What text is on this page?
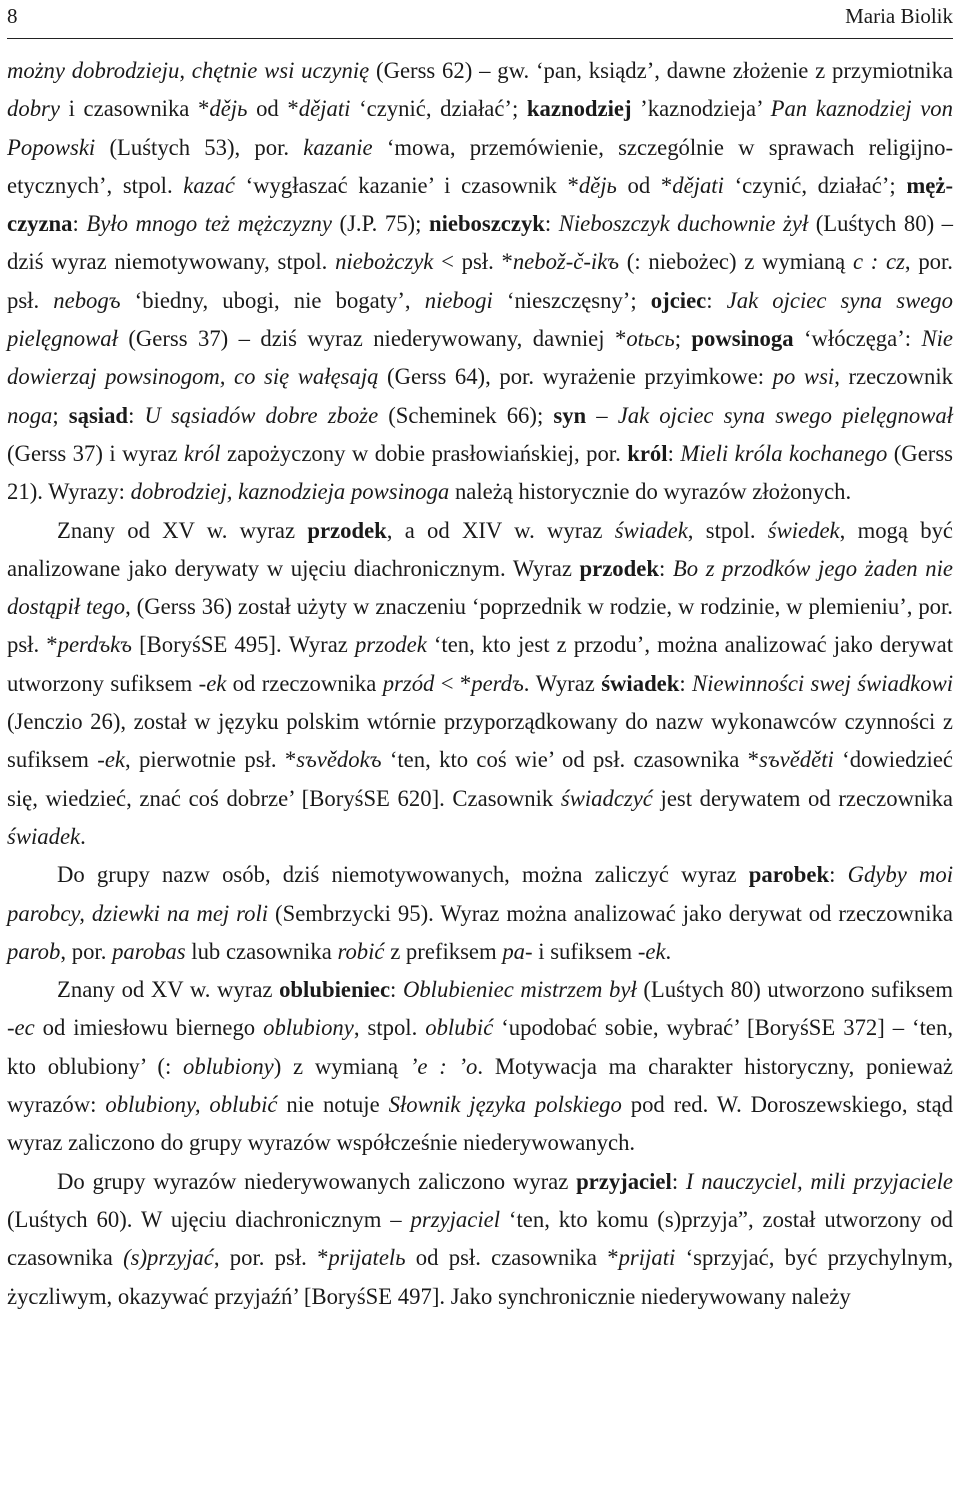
8	Maria Biolik

możny dobrodzieju, chętnie wsi uczynię (Gerss 62) – gw. ‘pan, ksiądz’, dawne złożenie z przymiotnika dobry i czasownika *dějь od *dějati ‘czynić, działać’; kaznodziej ’kaznodzieja’ Pan kaznodziej von Popowski (Luśtych 53), por. kazanie ‘mowa, przemówienie, szczególnie w sprawach religijno-etycznych’, stpol. kazać ‘wygłaszać kazanie’ i czasownik *dějь od *dějati ‘czynić, działać’; mężczyzna: Było mnogo też mężczyzny (J.P. 75); nieboszczyk: Nieboszczyk duchownie żył (Luśtych 80) – dziś wyraz niemotywowany, stpol. niebożczyk < psł. *nebož-č-ikъ (: niebożec) z wymianą c : cz, por. psł. nebogъ ‘biedny, ubogi, nie bogaty’, niebogi ‘nieszczęsny’; ojciec: Jak ojciec syna swego pielęgnował (Gerss 37) – dziś wyraz niederywowany, dawniej *otьcь; powsinoga ‘włóczęga’: Nie dowierzaj powsinogom, co się wałęsają (Gerss 64), por. wyrażenie przyimkowe: po wsi, rzeczownik noga; sąsiad: U sąsiadów dobre zboże (Scheminek 66); syn – Jak ojciec syna swego pielęgnował (Gerss 37) i wyraz król zapożyczony w dobie prasłowiańskiej, por. król: Mieli króla kochanego (Gerss 21). Wyrazy: dobrodziej, kaznodzieja powsinoga należą historycznie do wyrazów złożonych.

Znany od XV w. wyraz przodek, a od XIV w. wyraz świadek, stpol. świedek, mogą być analizowane jako derywaty w ujęciu diachronicznym. Wyraz przodek: Bo z przodków jego żaden nie dostąpił tego, (Gerss 36) został użyty w znaczeniu ‘poprzednik w rodzie, w rodzinie, w plemieniu’, por. psł. *perdъkъ [BoryśSE 495]. Wyraz przodek ‘ten, kto jest z przodu’, można analizować jako derywat utworzony sufiksem -ek od rzeczownika przód < *perdъ. Wyraz świadek: Niewinności swej świadkowi (Jenczio 26), został w języku polskim wtórnie przyporządkowany do nazw wykonawców czynności z sufiksem -ek, pierwotnie psł. *sъvědokъ ‘ten, kto coś wie’ od psł. czasownika *sъvěděti ‘dowiedzieć się, wiedzieć, znać coś dobrze’ [BoryśSE 620]. Czasownik świadczyć jest derywatem od rzeczownika świadek.

Do grupy nazw osób, dziś niemotywowanych, można zaliczyć wyraz parobek: Gdyby moi parobcy, dziewki na mej roli (Sembrzycki 95). Wyraz można analizować jako derywat od rzeczownika parob, por. parobas lub czasownika robić z prefiksem pa- i sufiksem -ek.

Znany od XV w. wyraz oblubieniec: Oblubieniec mistrzem był (Luśtych 80) utworzono sufiksem -ec od imiesłowu biernego oblubiony, stpol. oblubić ‘upodobać sobie, wybrać’ [BoryśSE 372] – ‘ten, kto oblubiony’ (: oblubiony) z wymianą ’e : ’o. Motywacja ma charakter historyczny, ponieważ wyrazów: oblubiony, oblubić nie notuje Słownik języka polskiego pod red. W. Doroszewskiego, stąd wyraz zaliczono do grupy wyrazów współcześnie niederywowanych.

Do grupy wyrazów niederywowanych zaliczono wyraz przyjaciel: I nauczyciel, mili przyjaciele (Luśtych 60). W ujęciu diachronicznym – przyjaciel ‘ten, kto komu (s)przyja”, został utworzony od czasownika (s)przyjać, por. psł. *prijatelь od psł. czasownika *prijati ‘sprzyjać, być przychylnym, życzliwym, okazywać przyjaźń’ [BoryśSE 497]. Jako synchronicznie niederywowany należy
